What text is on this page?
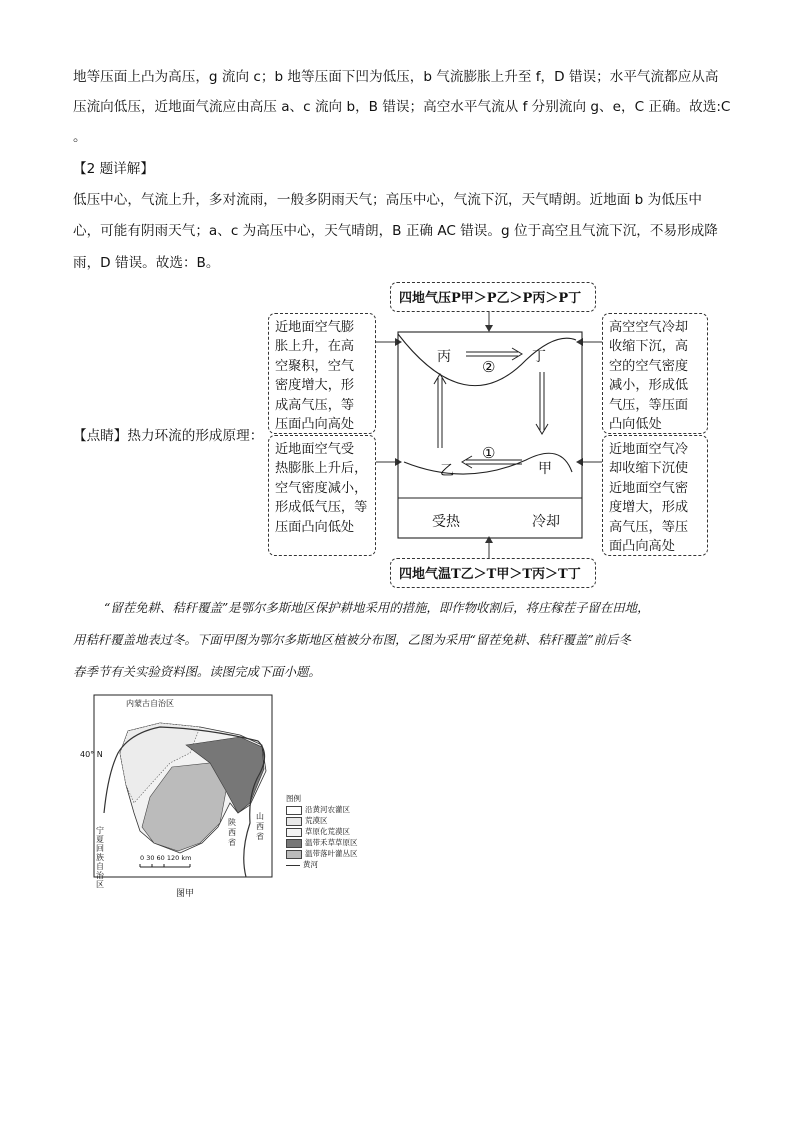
地等压面上凸为高压，g 流向 c；b 地等压面下凹为低压，b 气流膨胀上升至 f，D 错误；水平气流都应从高
压流向低压，近地面气流应由高压 a、c 流向 b，B 错误；高空水平气流从 f 分别流向 g、e，C 正确。故选:C
。
【2 题详解】
低压中心，气流上升，多对流雨，一般多阴雨天气；高压中心，气流下沉，天气晴朗。近地面 b 为低压中
心，可能有阴雨天气；a、c 为高压中心，天气晴朗，B 正确 AC 错误。g 位于高空且气流下沉，不易形成降
雨，D 错误。故选：B。
【点睛】热力环流的形成原理：
四地气压P甲＞P乙＞P丙＞P丁
四地气温T乙＞T甲＞T丙＞T丁
近地面空气膨
胀上升，在高
空聚积，空气
密度增大，形
成高气压，等
压面凸向高处
近地面空气受
热膨胀上升后，
空气密度减小，
形成低气压，等
压面凸向低处
高空空气冷却
收缩下沉，高
空的空气密度
减小，形成低
气压，等压面
凸向低处
近地面空气冷
却收缩下沉使
近地面空气密
度增大，形成
高气压，等压
面凸向高处
丙	丁
②
①
乙	甲
受热	冷却
“留茬免耕、秸秆覆盖”是鄂尔多斯地区保护耕地采用的措施，即作物收割后，将庄稼茬子留在田地，
用秸秆覆盖地表过冬。下面甲图为鄂尔多斯地区植被分布图，乙图为采用“留茬免耕、秸秆覆盖”前后冬
春季节有关实验资料图。读图完成下面小题。
内蒙古自治区
40° N
宁
夏
回
族
自
治
区
陕
西
省
山
西
省
0 30 60 120 km
图甲
图例
沿黄河农灌区
荒漠区
草原化荒漠区
温带禾草草原区
温带落叶灌丛区
黄河
